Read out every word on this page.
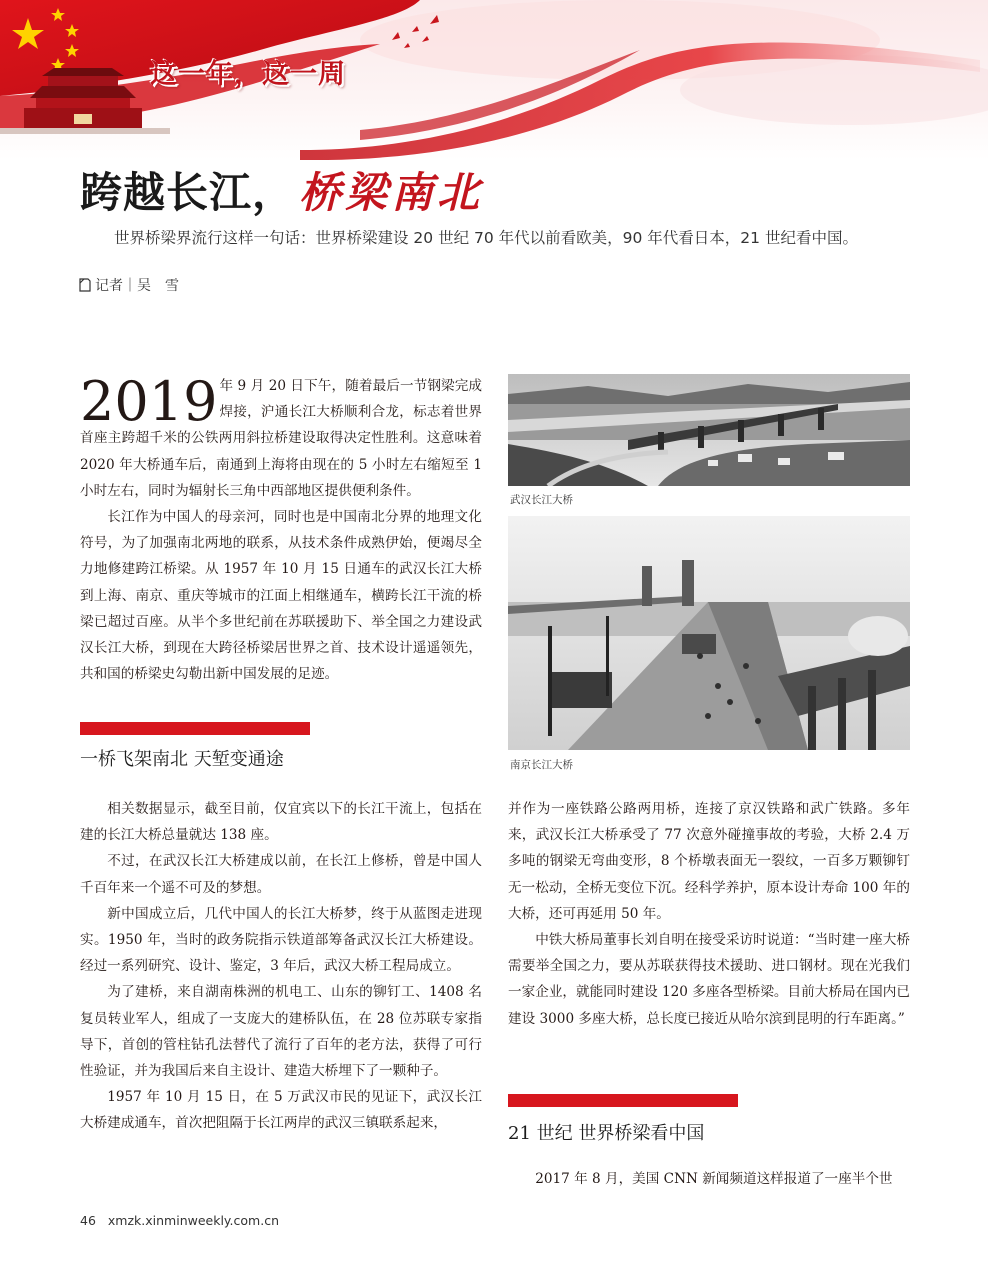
这一年，这一周
跨越长江，桥梁南北
世界桥梁界流行这样一句话：世界桥梁建设 20 世纪 70 年代以前看欧美，90 年代看日本，21 世纪看中国。
记者｜吴　雪

2019 年 9 月 20 日下午，随着最后一节钢梁完成焊接，沪通长江大桥顺利合龙，标志着世界首座主跨超千米的公铁两用斜拉桥建设取得决定性胜利。这意味着 2020 年大桥通车后，南通到上海将由现在的 5 小时左右缩短至 1 小时左右，同时为辐射长三角中西部地区提供便利条件。

长江作为中国人的母亲河，同时也是中国南北分界的地理文化符号，为了加强南北两地的联系，从技术条件成熟伊始，便竭尽全力地修建跨江桥梁。从 1957 年 10 月 15 日通车的武汉长江大桥到上海、南京、重庆等城市的江面上相继通车，横跨长江干流的桥梁已超过百座。从半个多世纪前在苏联援助下、举全国之力建设武汉长江大桥，到现在大跨径桥梁居世界之首、技术设计遥遥领先，共和国的桥梁史勾勒出新中国发展的足迹。

武汉长江大桥
南京长江大桥
一桥飞架南北 天堑变通途

相关数据显示，截至目前，仅宜宾以下的长江干流上，包括在建的长江大桥总量就达 138 座。

不过，在武汉长江大桥建成以前，在长江上修桥，曾是中国人千百年来一个遥不可及的梦想。

新中国成立后，几代中国人的长江大桥梦，终于从蓝图走进现实。1950 年，当时的政务院指示铁道部筹备武汉长江大桥建设。经过一系列研究、设计、鉴定，3 年后，武汉大桥工程局成立。

为了建桥，来自湖南株洲的机电工、山东的铆钉工、1408 名复员转业军人，组成了一支庞大的建桥队伍，在 28 位苏联专家指导下，首创的管柱钻孔法替代了流行了百年的老方法，获得了可行性验证，并为我国后来自主设计、建造大桥埋下了一颗种子。

1957 年 10 月 15 日，在 5 万武汉市民的见证下，武汉长江大桥建成通车，首次把阻隔于长江两岸的武汉三镇联系起来，

并作为一座铁路公路两用桥，连接了京汉铁路和武广铁路。多年来，武汉长江大桥承受了 77 次意外碰撞事故的考验，大桥 2.4 万多吨的钢梁无弯曲变形，8 个桥墩表面无一裂纹，一百多万颗铆钉无一松动，全桥无变位下沉。经科学养护，原本设计寿命 100 年的大桥，还可再延用 50 年。

中铁大桥局董事长刘自明在接受采访时说道：“当时建一座大桥需要举全国之力，要从苏联获得技术援助、进口钢材。现在光我们一家企业，就能同时建设 120 多座各型桥梁。目前大桥局在国内已建设 3000 多座大桥，总长度已接近从哈尔滨到昆明的行车距离。”

21 世纪 世界桥梁看中国

2017 年 8 月，美国 CNN 新闻频道这样报道了一座半个世

46 xmzk.xinminweekly.com.cn
